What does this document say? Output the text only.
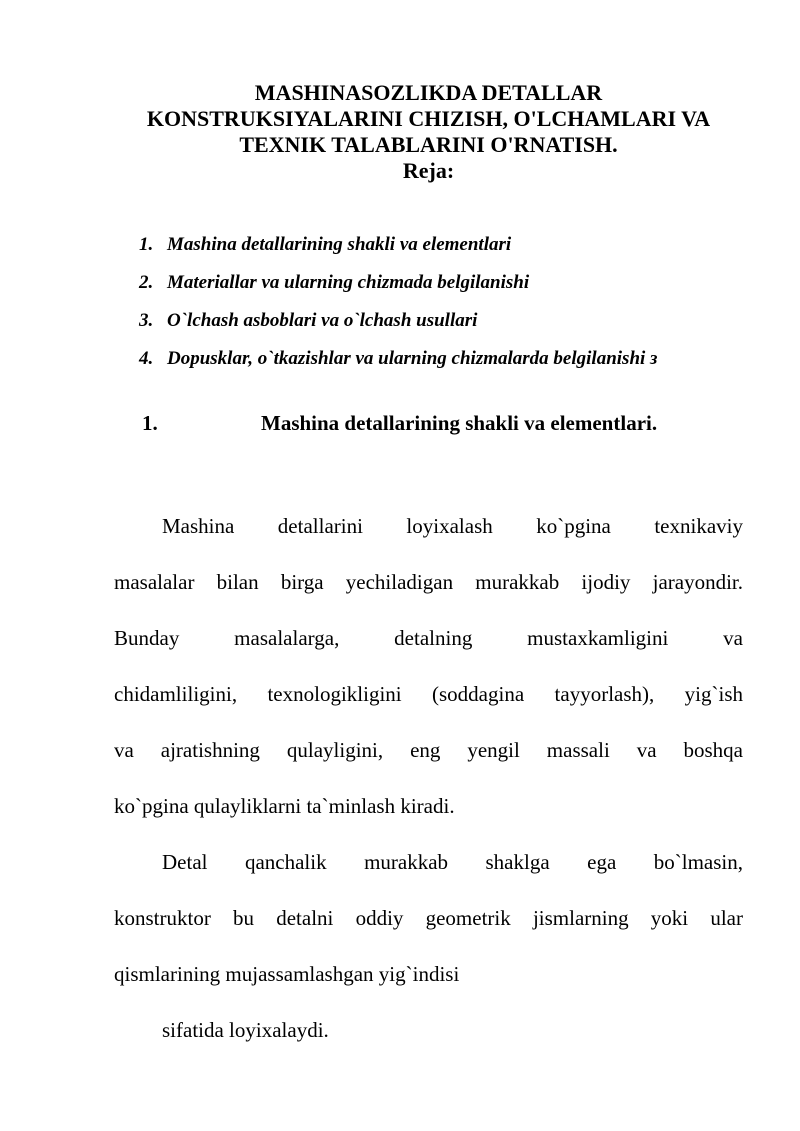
MASHINASOZLIKDA DETALLAR
KONSTRUKSIYALARINI CHIZISH, O'LCHAMLARI VA
TEXNIK TALABLARINI O'RNATISH.
Reja:
1. Mashina detallarining shakli va elementlari
2. Materiallar va ularning chizmada belgilanishi
3. O`lchash asboblari va o`lchash usullari
4. Dopusklar, o`tkazishlar va ularning chizmalarda belgilanishi з
1.	Mashina detallarining shakli va elementlari.
Mashina detallarini loyixalash ko`pgina texnikaviy
masalalar bilan birga yechiladigan murakkab ijodiy jarayondir.
Bunday masalalarga, detalning mustaxkamligini va
chidamliligini, texnologikligini (soddagina tayyorlash), yig`ish
va ajratishning qulayligini, eng yengil massali va boshqa
ko`pgina qulayliklarni ta`minlash kiradi.
Detal qanchalik murakkab shaklga ega bo`lmasin,
konstruktor bu detalni oddiy geometrik jismlarning yoki ular
qismlarining mujassamlashgan yig`indisi
sifatida loyixalaydi.
